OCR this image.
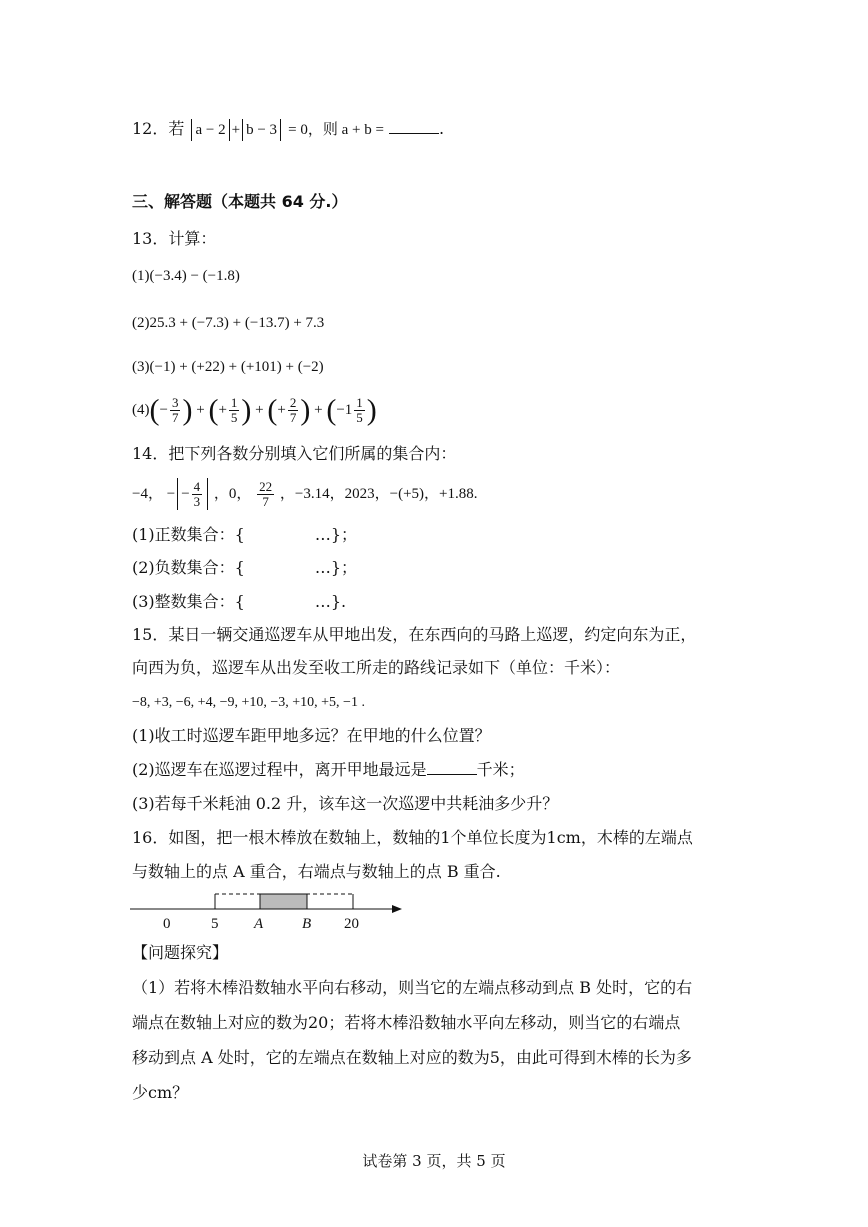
12．若 a − 2 + b − 3 = 0，则 a + b =	.
三、解答题（本题共 64 分.）
13．计算：
(1)(−3.4) − (−1.8)
(2)25.3 + (−7.3) + (−13.7) + 7.3
(3)(−1) + (+22) + (+101) + (−2)
$(4)(- \frac{3}{7}$ ) + (+ $\frac{1}{5}$ ) + (+ $\frac{2}{7}$ ) + ($-1 \frac{1}{5}$ )
14．把下列各数分别填入它们所属的集合内：
−4， − − $\frac{4}{3}$ ，0， $\frac{22}{7}$ ，−3.14，2023，−(+5)，+1.88.
(1)正数集合：{	…}；
(2)负数集合：{	…}；
(3)整数集合：{	…}.
15．某日一辆交通巡逻车从甲地出发，在东西向的马路上巡逻，约定向东为正，
向西为负，巡逻车从出发至收工所走的路线记录如下（单位：千米）：
−8, +3, −6, +4, −9, +10, −3, +10, +5, −1 .
(1)收工时巡逻车距甲地多远？在甲地的什么位置？
(2)巡逻车在巡逻过程中，离开甲地最远是	千米；
(3)若每千米耗油 0.2 升，该车这一次巡逻中共耗油多少升？
16．如图，把一根木棒放在数轴上，数轴的1个单位长度为1cm，木棒的左端点
与数轴上的点 A 重合，右端点与数轴上的点 B 重合.
0	5 A	B 20
【问题探究】
（1）若将木棒沿数轴水平向右移动，则当它的左端点移动到点 B 处时，它的右
端点在数轴上对应的数为20；若将木棒沿数轴水平向左移动，则当它的右端点
移动到点 A 处时，它的左端点在数轴上对应的数为5，由此可得到木棒的长为多
少cm？
试卷第 3 页，共 5 页
